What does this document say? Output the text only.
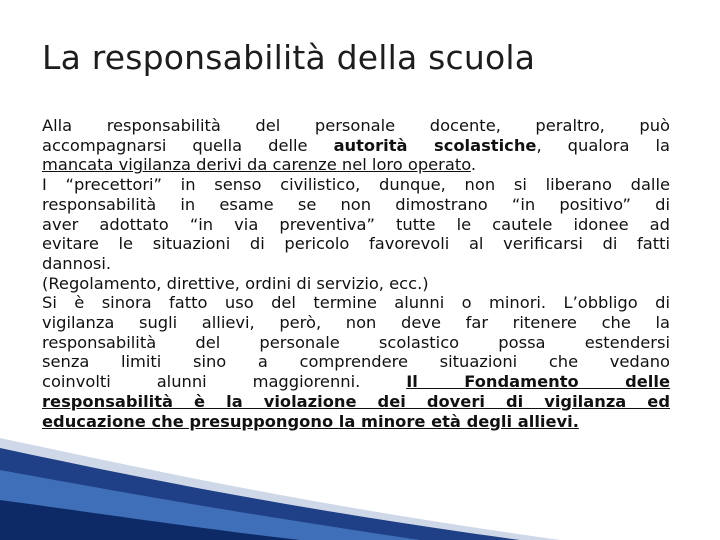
La responsabilità della scuola
Alla responsabilità del personale docente, peraltro, può
accompagnarsi quella delle autorità scolastiche, qualora la
mancata vigilanza derivi da carenze nel loro operato.
I “precettori” in senso civilistico, dunque, non si liberano dalle
responsabilità in esame se non dimostrano “in positivo” di
aver adottato “in via preventiva” tutte le cautele idonee ad
evitare le situazioni di pericolo favorevoli al verificarsi di fatti
dannosi.
(Regolamento, direttive, ordini di servizio, ecc.)
Si è sinora fatto uso del termine alunni o minori. L’obbligo di
vigilanza sugli allievi, però, non deve far ritenere che la
responsabilità del personale scolastico possa estendersi
senza limiti sino a comprendere situazioni che vedano
coinvolti alunni maggiorenni. Il Fondamento delle
responsabilità è la violazione dei doveri di vigilanza ed
educazione che presuppongono la minore età degli allievi.
